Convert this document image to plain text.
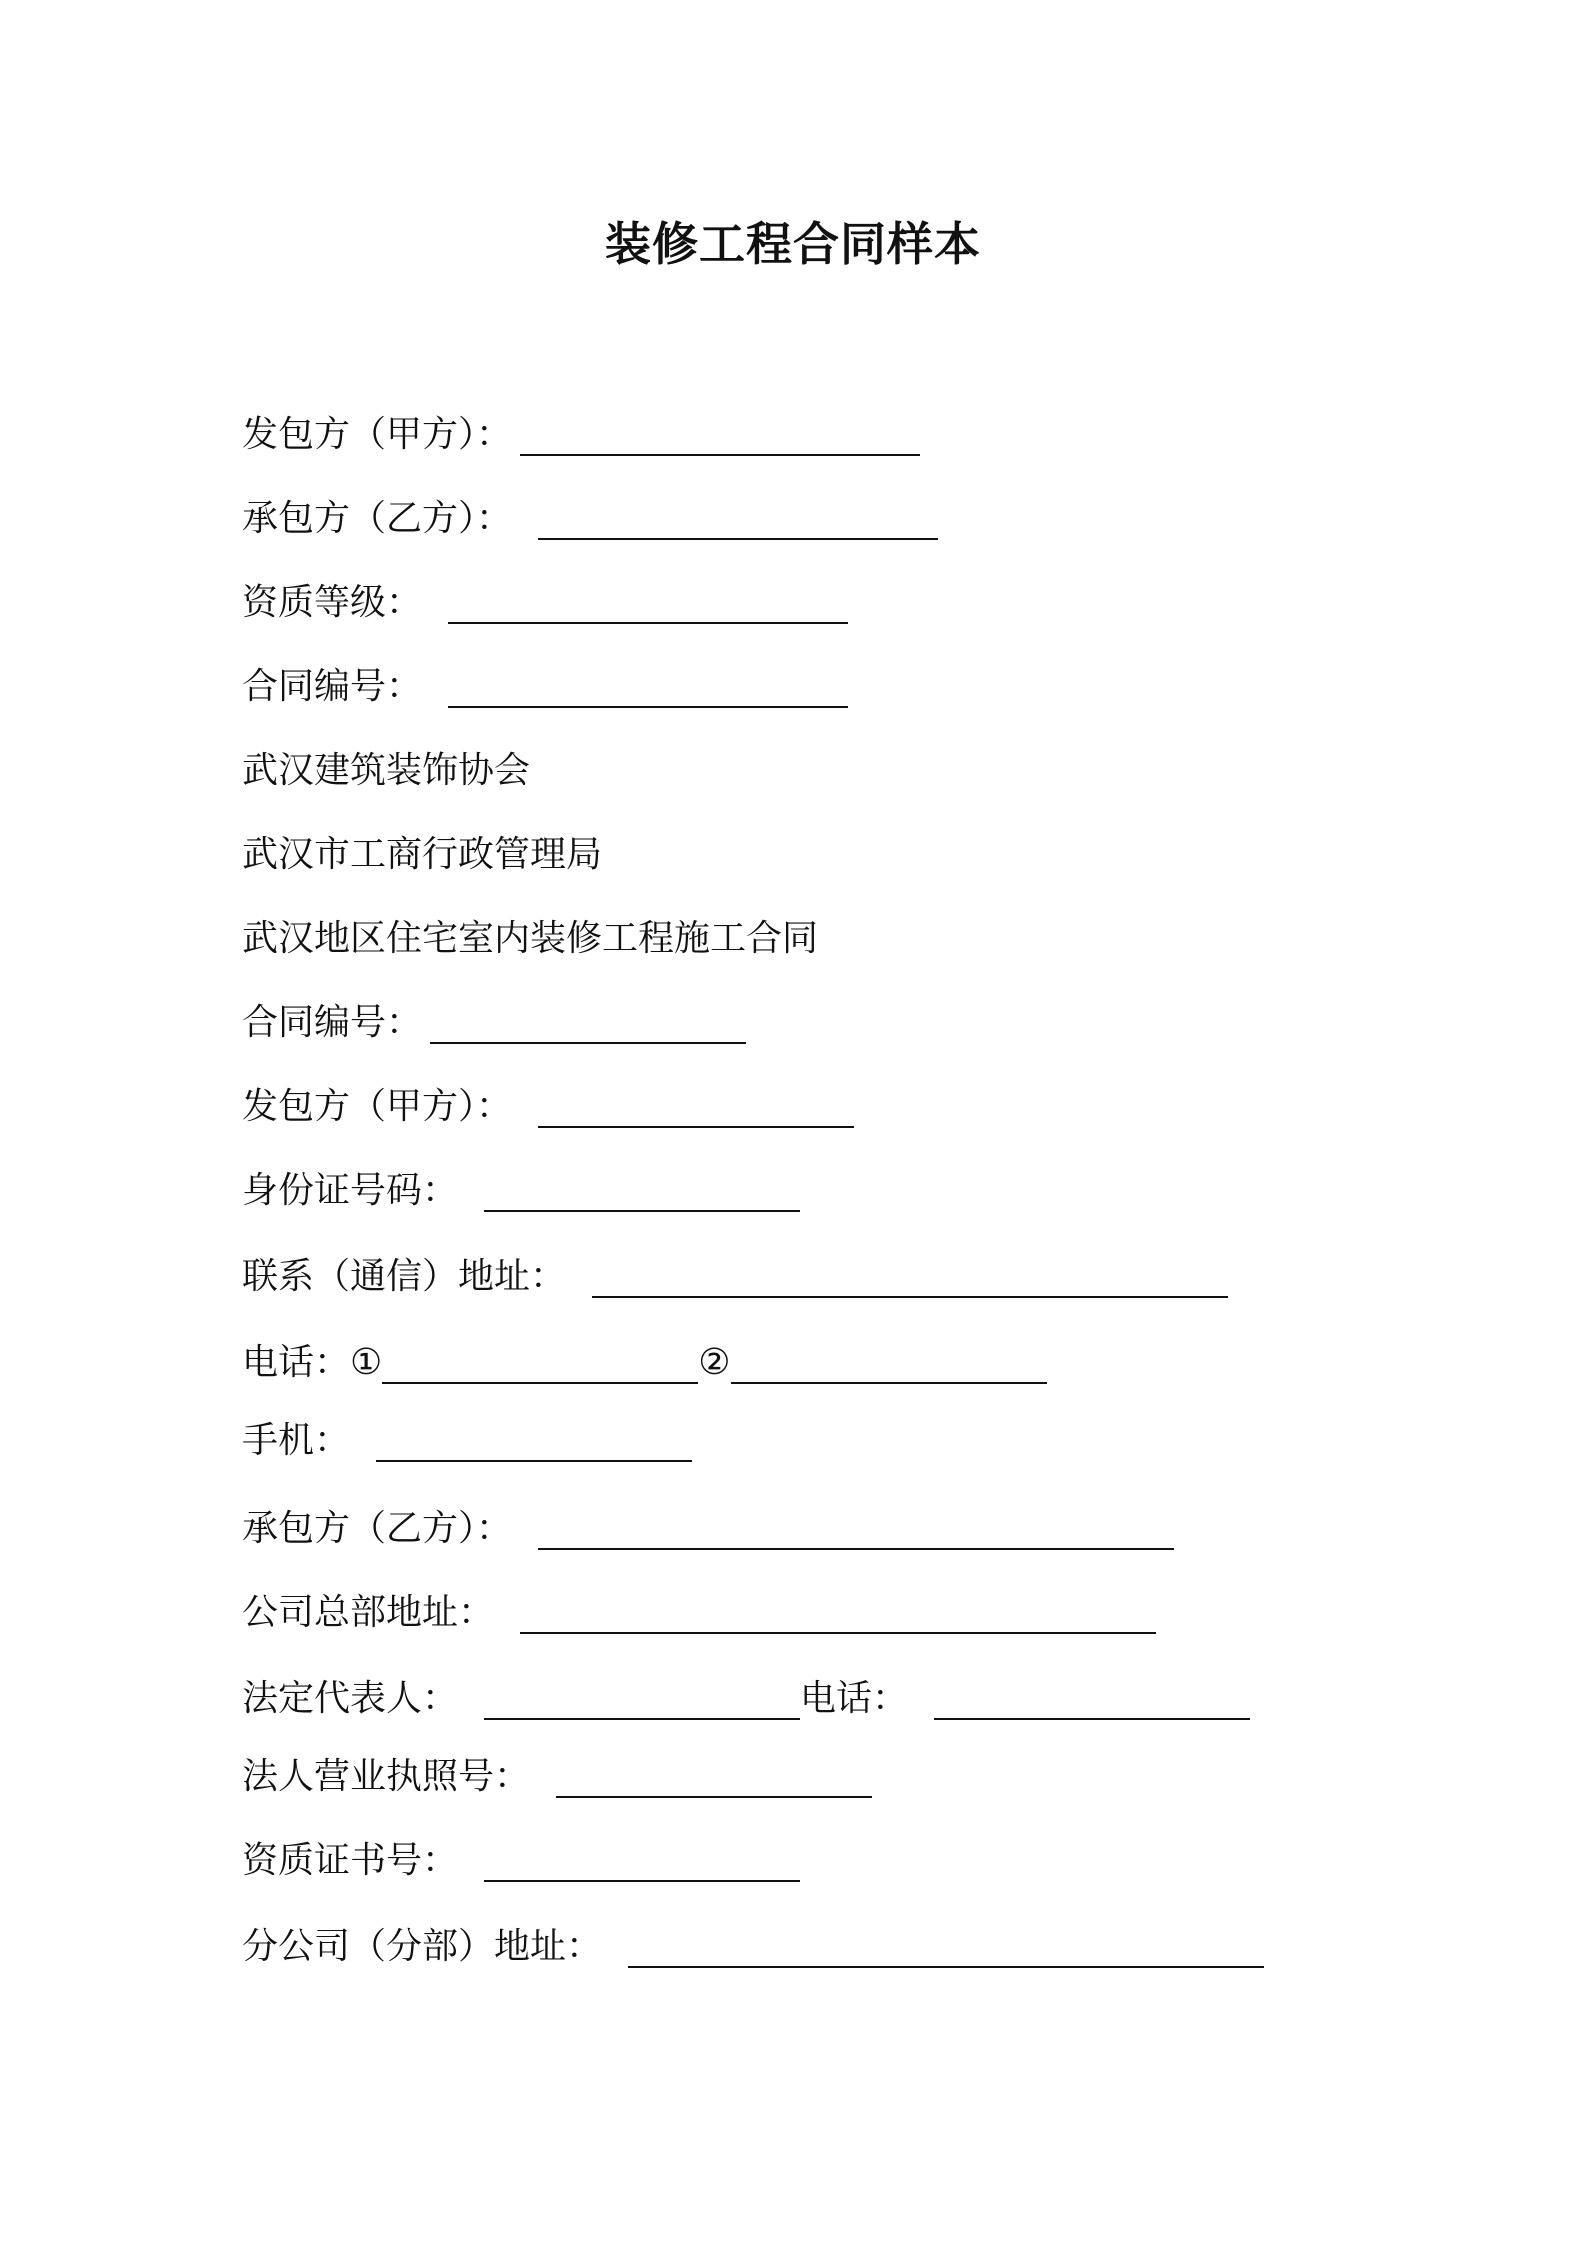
装修工程合同样本
发包方（甲方）：
承包方（乙方）：
资质等级：
合同编号：
武汉建筑装饰协会
武汉市工商行政管理局
武汉地区住宅室内装修工程施工合同
合同编号：
发包方（甲方）：
身份证号码：
联系（通信）地址：
电话： ①	②
手机：
承包方（乙方）：
公司总部地址：
法定代表人：	电话：
法人营业执照号：
资质证书号：
分公司（分部）地址：
